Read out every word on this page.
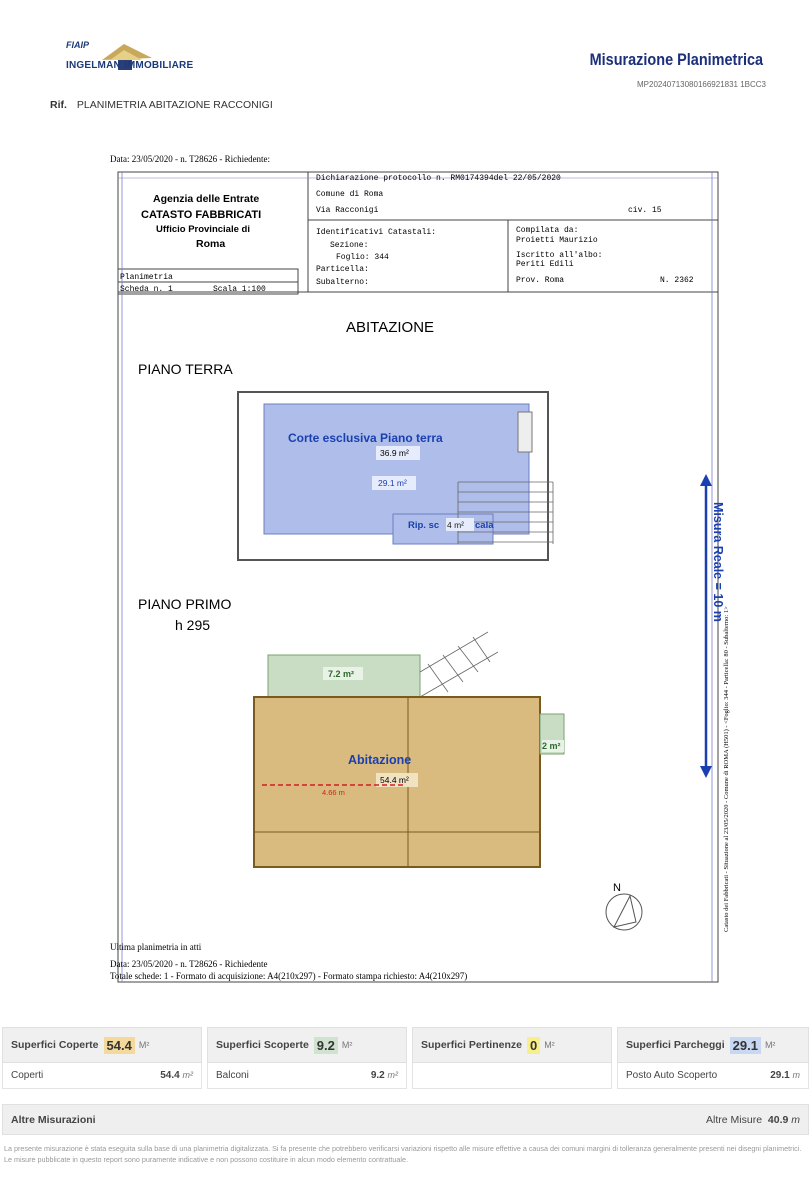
FIAIP
INGELMAN IMMOBILIARE	Misurazione Planimetrica
MP20240713080166921831 1BCC3
Rif. PLANIMETRIA ABITAZIONE RACCONIGI
Data: 23/05/2020 - n. T28626 - Richiedente:
Agenzia delle Entrate
CATASTO FABBRICATI
Ufficio Provinciale di
Roma
Dichiarazione protocollo n. RM0174394del 22/05/2020
Comune di Roma
Via Racconigi	civ. 15
Identificativi Catastali:
Sezione:
Foglio: 344
Particella:
Subalterno:
Compilata da:
Proietti Maurizio
Iscritto all'albo:
Periti Edili
Prov. Roma	N. 2362
Planimetria
Scheda n. 1	Scala 1:100
ABITAZIONE
PIANO TERRA
Corte esclusiva Piano terra
36.9 m²
29.1 m²
Rip. sc 4 m² cala
PIANO PRIMO
h 295
7.2 m²
2 m²
Abitazione
54.4 m²
4.66 m
Misura Reale = 10 m
Catasto dei Fabbricati - Situazione al 23/05/2020 - Comune di ROMA (H501) - <Foglio: 344 - Particella: 80 - Subalterno: 1>
N
Ultima planimetria in atti
Data: 23/05/2020 - n. T28626 - Richiedente
Totale schede: 1 - Formato di acquisizione: A4(210x297) - Formato stampa richiesto: A4(210x297)
Superfici Coperte 54.4 M²
Coperti	54.4 m²
Superfici Scoperte 9.2 M²
Balconi	9.2 m²
Superfici Pertinenze 0 M²	Superfici Parcheggi 29.1 M²
Posto Auto Scoperto	29.1 m
Altre Misurazioni	Altre Misure 40.9 m
La presente misurazione è stata eseguita sulla base di una planimetria digitalizzata. Si fa presente che potrebbero verificarsi variazioni rispetto alle misure effettive a causa dei comuni margini di tolleranza generalmente presenti nei disegni planimetrici. Le misure pubblicate in questo report sono puramente indicative e non possono costituire in alcun modo elemento contrattuale.
